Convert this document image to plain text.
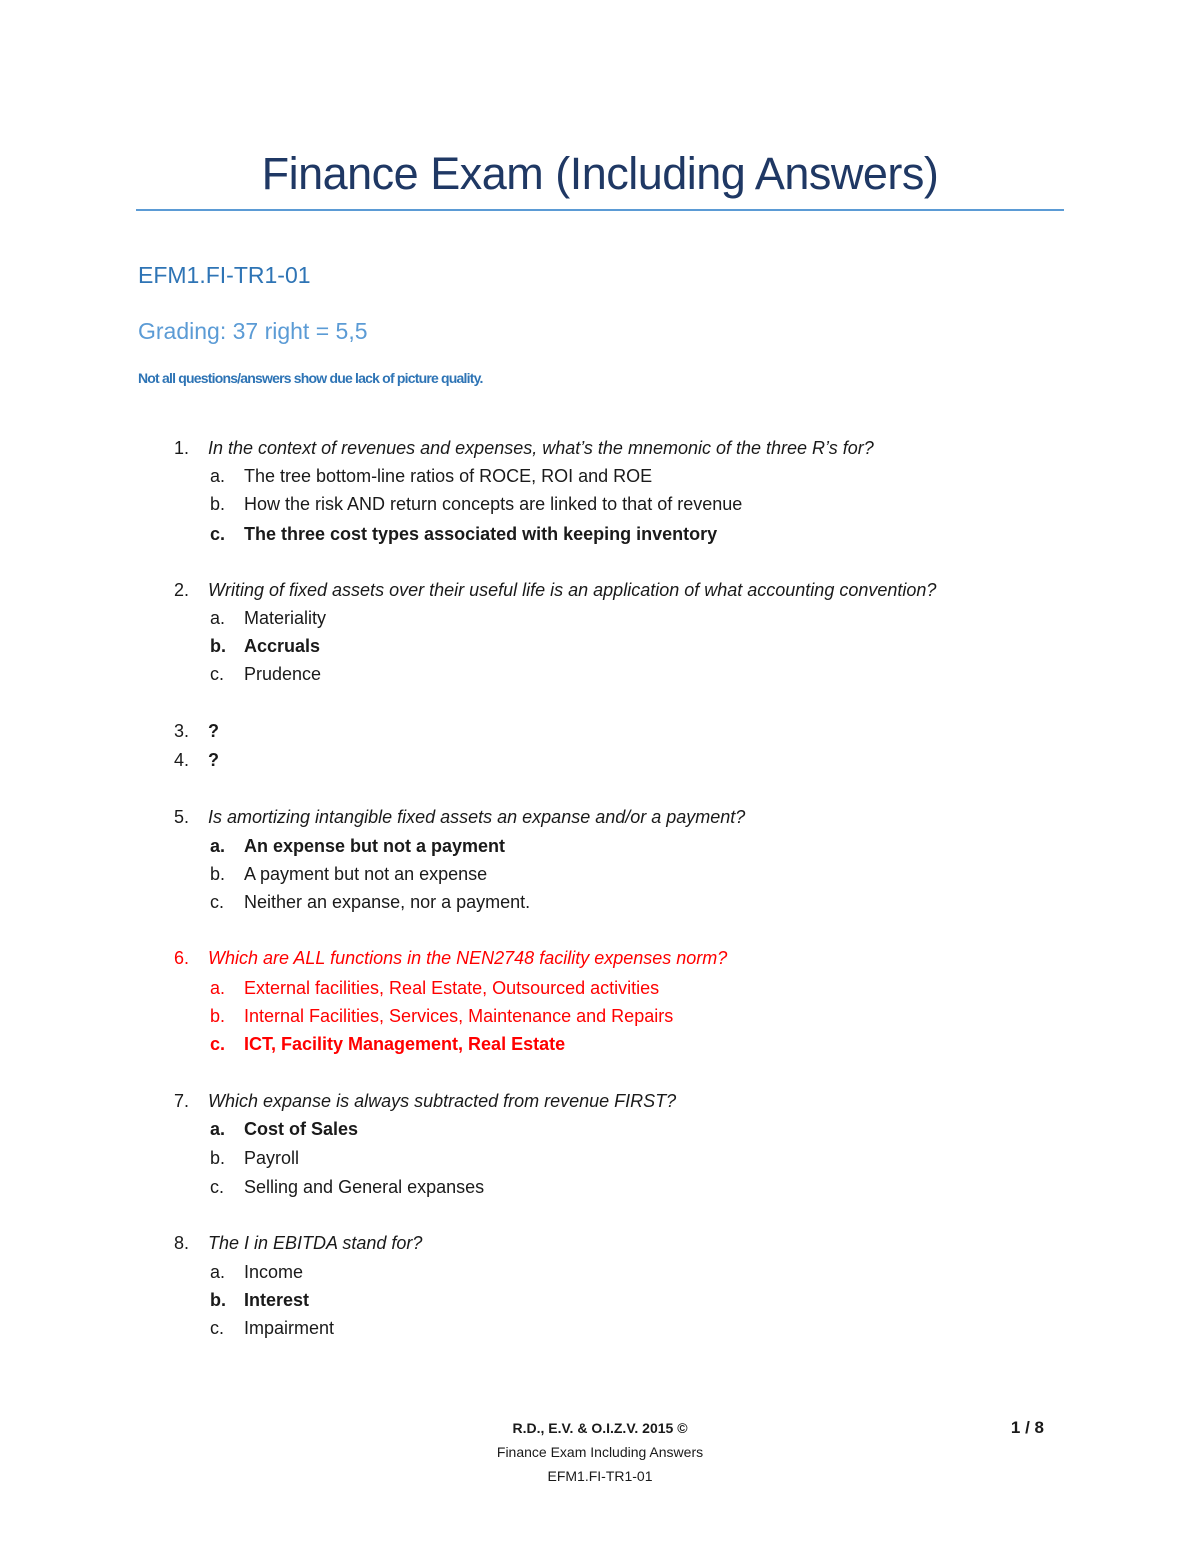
Finance Exam (Including Answers)
EFM1.FI-TR1-01
Grading: 37 right = 5,5
Not all questions/answers show due lack of picture quality.
1.	In the context of revenues and expenses, what’s the mnemonic of the three R’s for?
a. The tree bottom-line ratios of ROCE, ROI and ROE
b. How the risk AND return concepts are linked to that of revenue
c. The three cost types associated with keeping inventory
2.	Writing of fixed assets over their useful life is an application of what accounting convention?
a. Materiality
b. Accruals
c. Prudence
3.	?
4.	?
5.	Is amortizing intangible fixed assets an expanse and/or a payment?
a. An expense but not a payment
b. A payment but not an expense
c. Neither an expanse, nor a payment.
6.	Which are ALL functions in the NEN2748 facility expenses norm?
a. External facilities, Real Estate, Outsourced activities
b. Internal Facilities, Services, Maintenance and Repairs
c. ICT, Facility Management, Real Estate
7.	Which expanse is always subtracted from revenue FIRST?
a. Cost of Sales
b. Payroll
c. Selling and General expanses
8.	The I in EBITDA stand for?
a. Income
b. Interest
c. Impairment
R.D., E.V. & O.I.Z.V. 2015 ©
Finance Exam Including Answers
EFM1.FI-TR1-01
1 / 8
